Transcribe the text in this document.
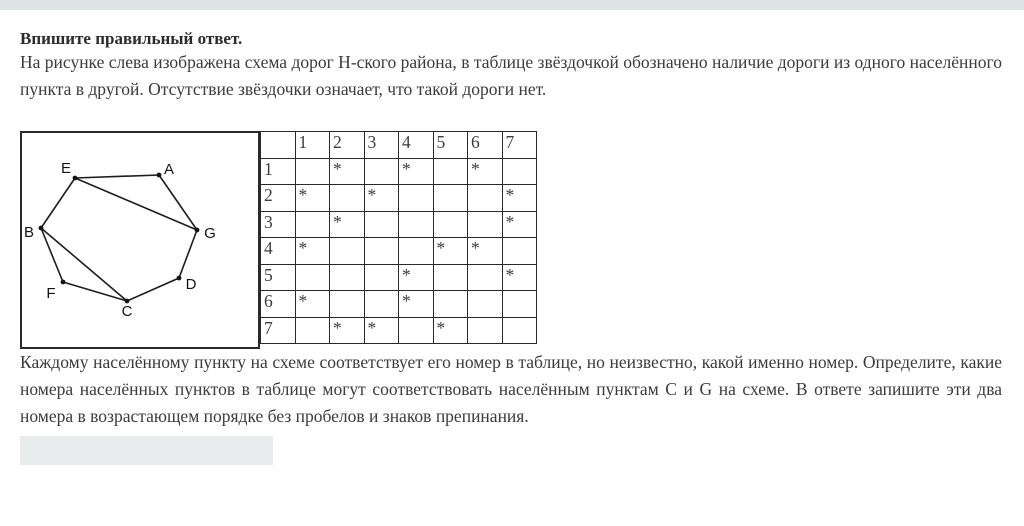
Впишите правильный ответ.

На рисунке слева изображена схема дорог Н-ского района, в таблице звёздочкой обозначено наличие дороги из одного населённого пункта в другой. Отсутствие звёздочки означает, что такой дороги нет.

E	A
B	G
F
C
D
	1	2	3	4	5	6	7
1		*		*		*	
2	*		*				*
3		*					*
4	*				*	*	
5				*			*
6	*			*			
7		*	*		*		

Каждому населённому пункту на схеме соответствует его номер в таблице, но неизвестно, какой именно номер. Определите, какие номера населённых пунктов в таблице могут соответствовать населённым пунктам C и G на схеме. В ответе запишите эти два номера в возрастающем порядке без пробелов и знаков препинания.
